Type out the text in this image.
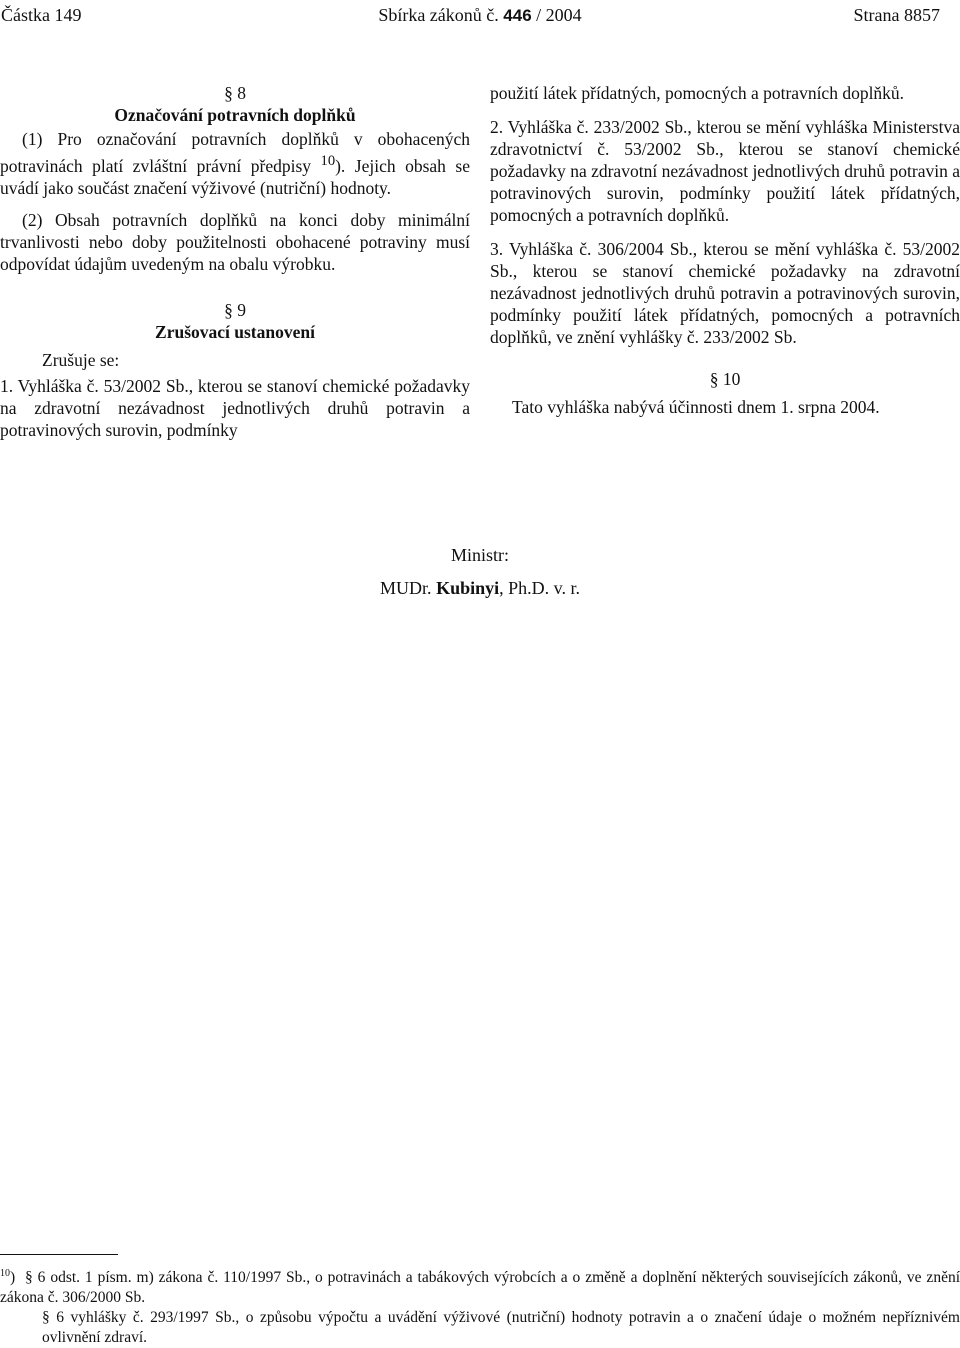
Částka 149	Sbírka zákonů č. 446 / 2004	Strana 8857

§ 8

Označování potravních doplňků

(1) Pro označování potravních doplňků v obohacených potravinách platí zvláštní právní předpisy $^{10}$). Jejich obsah se uvádí jako součást značení výživové (nutriční) hodnoty.

(2) Obsah potravních doplňků na konci doby minimální trvanlivosti nebo doby použitelnosti obohacené potraviny musí odpovídat údajům uvedeným na obalu výrobku.

§ 9

Zrušovací ustanovení

Zrušuje se:

1. Vyhláška č. 53/2002 Sb., kterou se stanoví chemické požadavky na zdravotní nezávadnost jednotlivých druhů potravin a potravinových surovin, podmínky

použití látek přídatných, pomocných a potravních doplňků.

2. Vyhláška č. 233/2002 Sb., kterou se mění vyhláška Ministerstva zdravotnictví č. 53/2002 Sb., kterou se stanoví chemické požadavky na zdravotní nezávadnost jednotlivých druhů potravin a potravinových surovin, podmínky použití látek přídatných, pomocných a potravních doplňků.

3. Vyhláška č. 306/2004 Sb., kterou se mění vyhláška č. 53/2002 Sb., kterou se stanoví chemické požadavky na zdravotní nezávadnost jednotlivých druhů potravin a potravinových surovin, podmínky použití látek přídatných, pomocných a potravních doplňků, ve znění vyhlášky č. 233/2002 Sb.

§ 10

Tato vyhláška nabývá účinnosti dnem 1. srpna 2004.

Ministr:
MUDr. Kubinyi, Ph.D. v. r.

$^{10}$) § 6 odst. 1 písm. m) zákona č. 110/1997 Sb., o potravinách a tabákových výrobcích a o změně a doplnění některých souvisejících zákonů, ve znění zákona č. 306/2000 Sb.

§ 6 vyhlášky č. 293/1997 Sb., o způsobu výpočtu a uvádění výživové (nutriční) hodnoty potravin a o značení údaje o možném nepříznivém ovlivnění zdraví.
